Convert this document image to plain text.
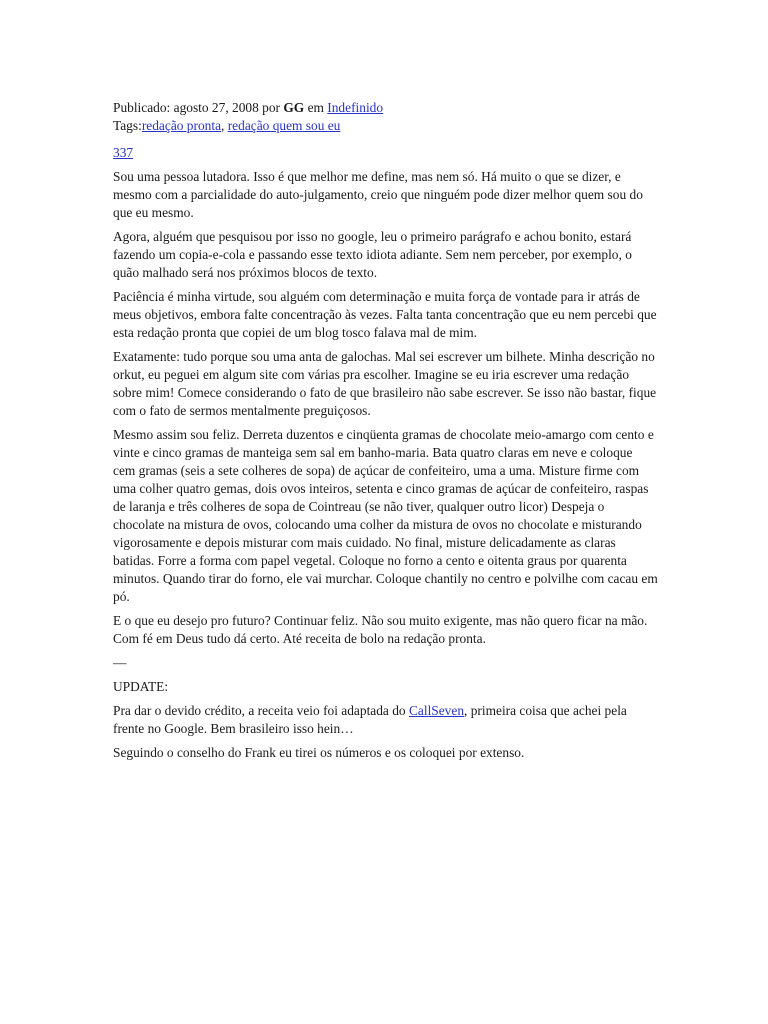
Publicado: agosto 27, 2008 por GG em Indefinido

Tags:redação pronta, redação quem sou eu

337

Sou uma pessoa lutadora. Isso é que melhor me define, mas nem só. Há muito o que se dizer, e mesmo com a parcialidade do auto-julgamento, creio que ninguém pode dizer melhor quem sou do que eu mesmo.

Agora, alguém que pesquisou por isso no google, leu o primeiro parágrafo e achou bonito, estará fazendo um copia-e-cola e passando esse texto idiota adiante. Sem nem perceber, por exemplo, o quão malhado será nos próximos blocos de texto.

Paciência é minha virtude, sou alguém com determinação e muita força de vontade para ir atrás de meus objetivos, embora falte concentração às vezes. Falta tanta concentração que eu nem percebi que esta redação pronta que copiei de um blog tosco falava mal de mim.

Exatamente: tudo porque sou uma anta de galochas. Mal sei escrever um bilhete. Minha descrição no orkut, eu peguei em algum site com várias pra escolher. Imagine se eu iria escrever uma redação sobre mim! Comece considerando o fato de que brasileiro não sabe escrever. Se isso não bastar, fique com o fato de sermos mentalmente preguiçosos.

Mesmo assim sou feliz. Derreta duzentos e cinqüenta gramas de chocolate meio-amargo com cento e vinte e cinco gramas de manteiga sem sal em banho-maria. Bata quatro claras em neve e coloque cem gramas (seis a sete colheres de sopa) de açúcar de confeiteiro, uma a uma. Misture firme com uma colher quatro gemas, dois ovos inteiros, setenta e cinco gramas de açúcar de confeiteiro, raspas de laranja e três colheres de sopa de Cointreau (se não tiver, qualquer outro licor) Despeja o chocolate na mistura de ovos, colocando uma colher da mistura de ovos no chocolate e misturando vigorosamente e depois misturar com mais cuidado. No final, misture delicadamente as claras batidas. Forre a forma com papel vegetal. Coloque no forno a cento e oitenta graus por quarenta minutos. Quando tirar do forno, ele vai murchar. Coloque chantily no centro e polvilhe com cacau em pó.

E o que eu desejo pro futuro? Continuar feliz. Não sou muito exigente, mas não quero ficar na mão. Com fé em Deus tudo dá certo. Até receita de bolo na redação pronta.

—

UPDATE:

Pra dar o devido crédito, a receita veio foi adaptada do CallSeven, primeira coisa que achei pela frente no Google. Bem brasileiro isso hein…

Seguindo o conselho do Frank eu tirei os números e os coloquei por extenso.
